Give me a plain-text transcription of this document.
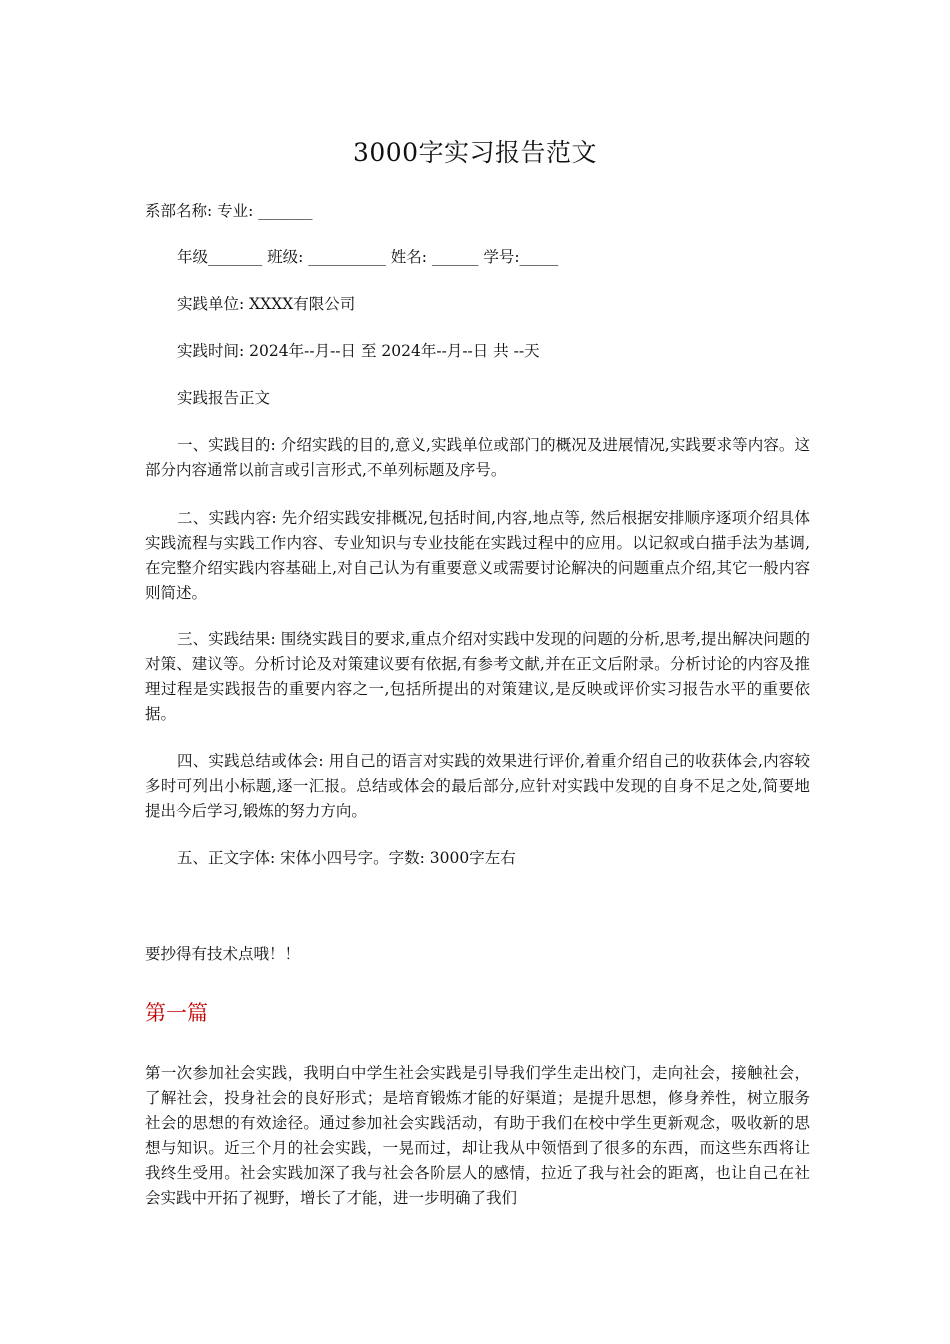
3000字实习报告范文
系部名称: 专业: _______
年级_______ 班级: __________ 姓名: ______ 学号:_____
实践单位: XXXX有限公司
实践时间: 2024年--月--日 至 2024年--月--日 共 --天
实践报告正文
一、实践目的: 介绍实践的目的,意义,实践单位或部门的概况及进展情况,实践要求等内容。这部分内容通常以前言或引言形式,不单列标题及序号。
二、实践内容: 先介绍实践安排概况,包括时间,内容,地点等, 然后根据安排顺序逐项介绍具体实践流程与实践工作内容、专业知识与专业技能在实践过程中的应用。以记叙或白描手法为基调,在完整介绍实践内容基础上,对自己认为有重要意义或需要讨论解决的问题重点介绍,其它一般内容则简述。
三、实践结果: 围绕实践目的要求,重点介绍对实践中发现的问题的分析,思考,提出解决问题的对策、建议等。分析讨论及对策建议要有依据,有参考文献,并在正文后附录。分析讨论的内容及推理过程是实践报告的重要内容之一,包括所提出的对策建议,是反映或评价实习报告水平的重要依据。
四、实践总结或体会: 用自己的语言对实践的效果进行评价,着重介绍自己的收获体会,内容较多时可列出小标题,逐一汇报。总结或体会的最后部分,应针对实践中发现的自身不足之处,简要地提出今后学习,锻炼的努力方向。
五、正文字体: 宋体小四号字。字数: 3000字左右
要抄得有技术点哦！！
第一篇
第一次参加社会实践，我明白中学生社会实践是引导我们学生走出校门，走向社会，接触社会，了解社会，投身社会的良好形式；是培育锻炼才能的好渠道；是提升思想，修身养性，树立服务社会的思想的有效途径。通过参加社会实践活动，有助于我们在校中学生更新观念，吸收新的思想与知识。近三个月的社会实践，一晃而过，却让我从中领悟到了很多的东西，而这些东西将让我终生受用。社会实践加深了我与社会各阶层人的感情，拉近了我与社会的距离，也让自己在社会实践中开拓了视野，增长了才能，进一步明确了我们
